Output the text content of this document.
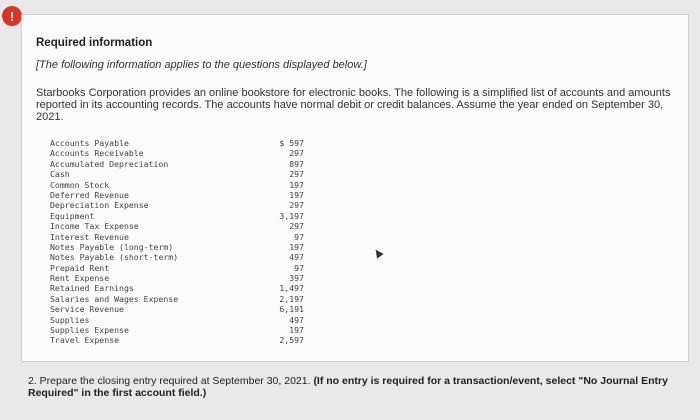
!
Required information
[The following information applies to the questions displayed below.]
Starbooks Corporation provides an online bookstore for electronic books. The following is a simplified list of accounts and amounts reported in its accounting records. The accounts have normal debit or credit balances. Assume the year ended on September 30, 2021.
Accounts Payable	$ 597
Accounts Receivable	297
Accumulated Depreciation	897
Cash	297
Common Stock	197
Deferred Revenue	197
Depreciation Expense	297
Equipment	3,197
Income Tax Expense	297
Interest Revenue	97
Notes Payable (long-term)	197
Notes Payable (short-term)	497
Prepaid Rent	97
Rent Expense	397
Retained Earnings	1,497
Salaries and Wages Expense	2,197
Service Revenue	6,191
Supplies	497
Supplies Expense	197
Travel Expense	2,597
2. Prepare the closing entry required at September 30, 2021. (If no entry is required for a transaction/event, select "No Journal Entry Required" in the first account field.)
